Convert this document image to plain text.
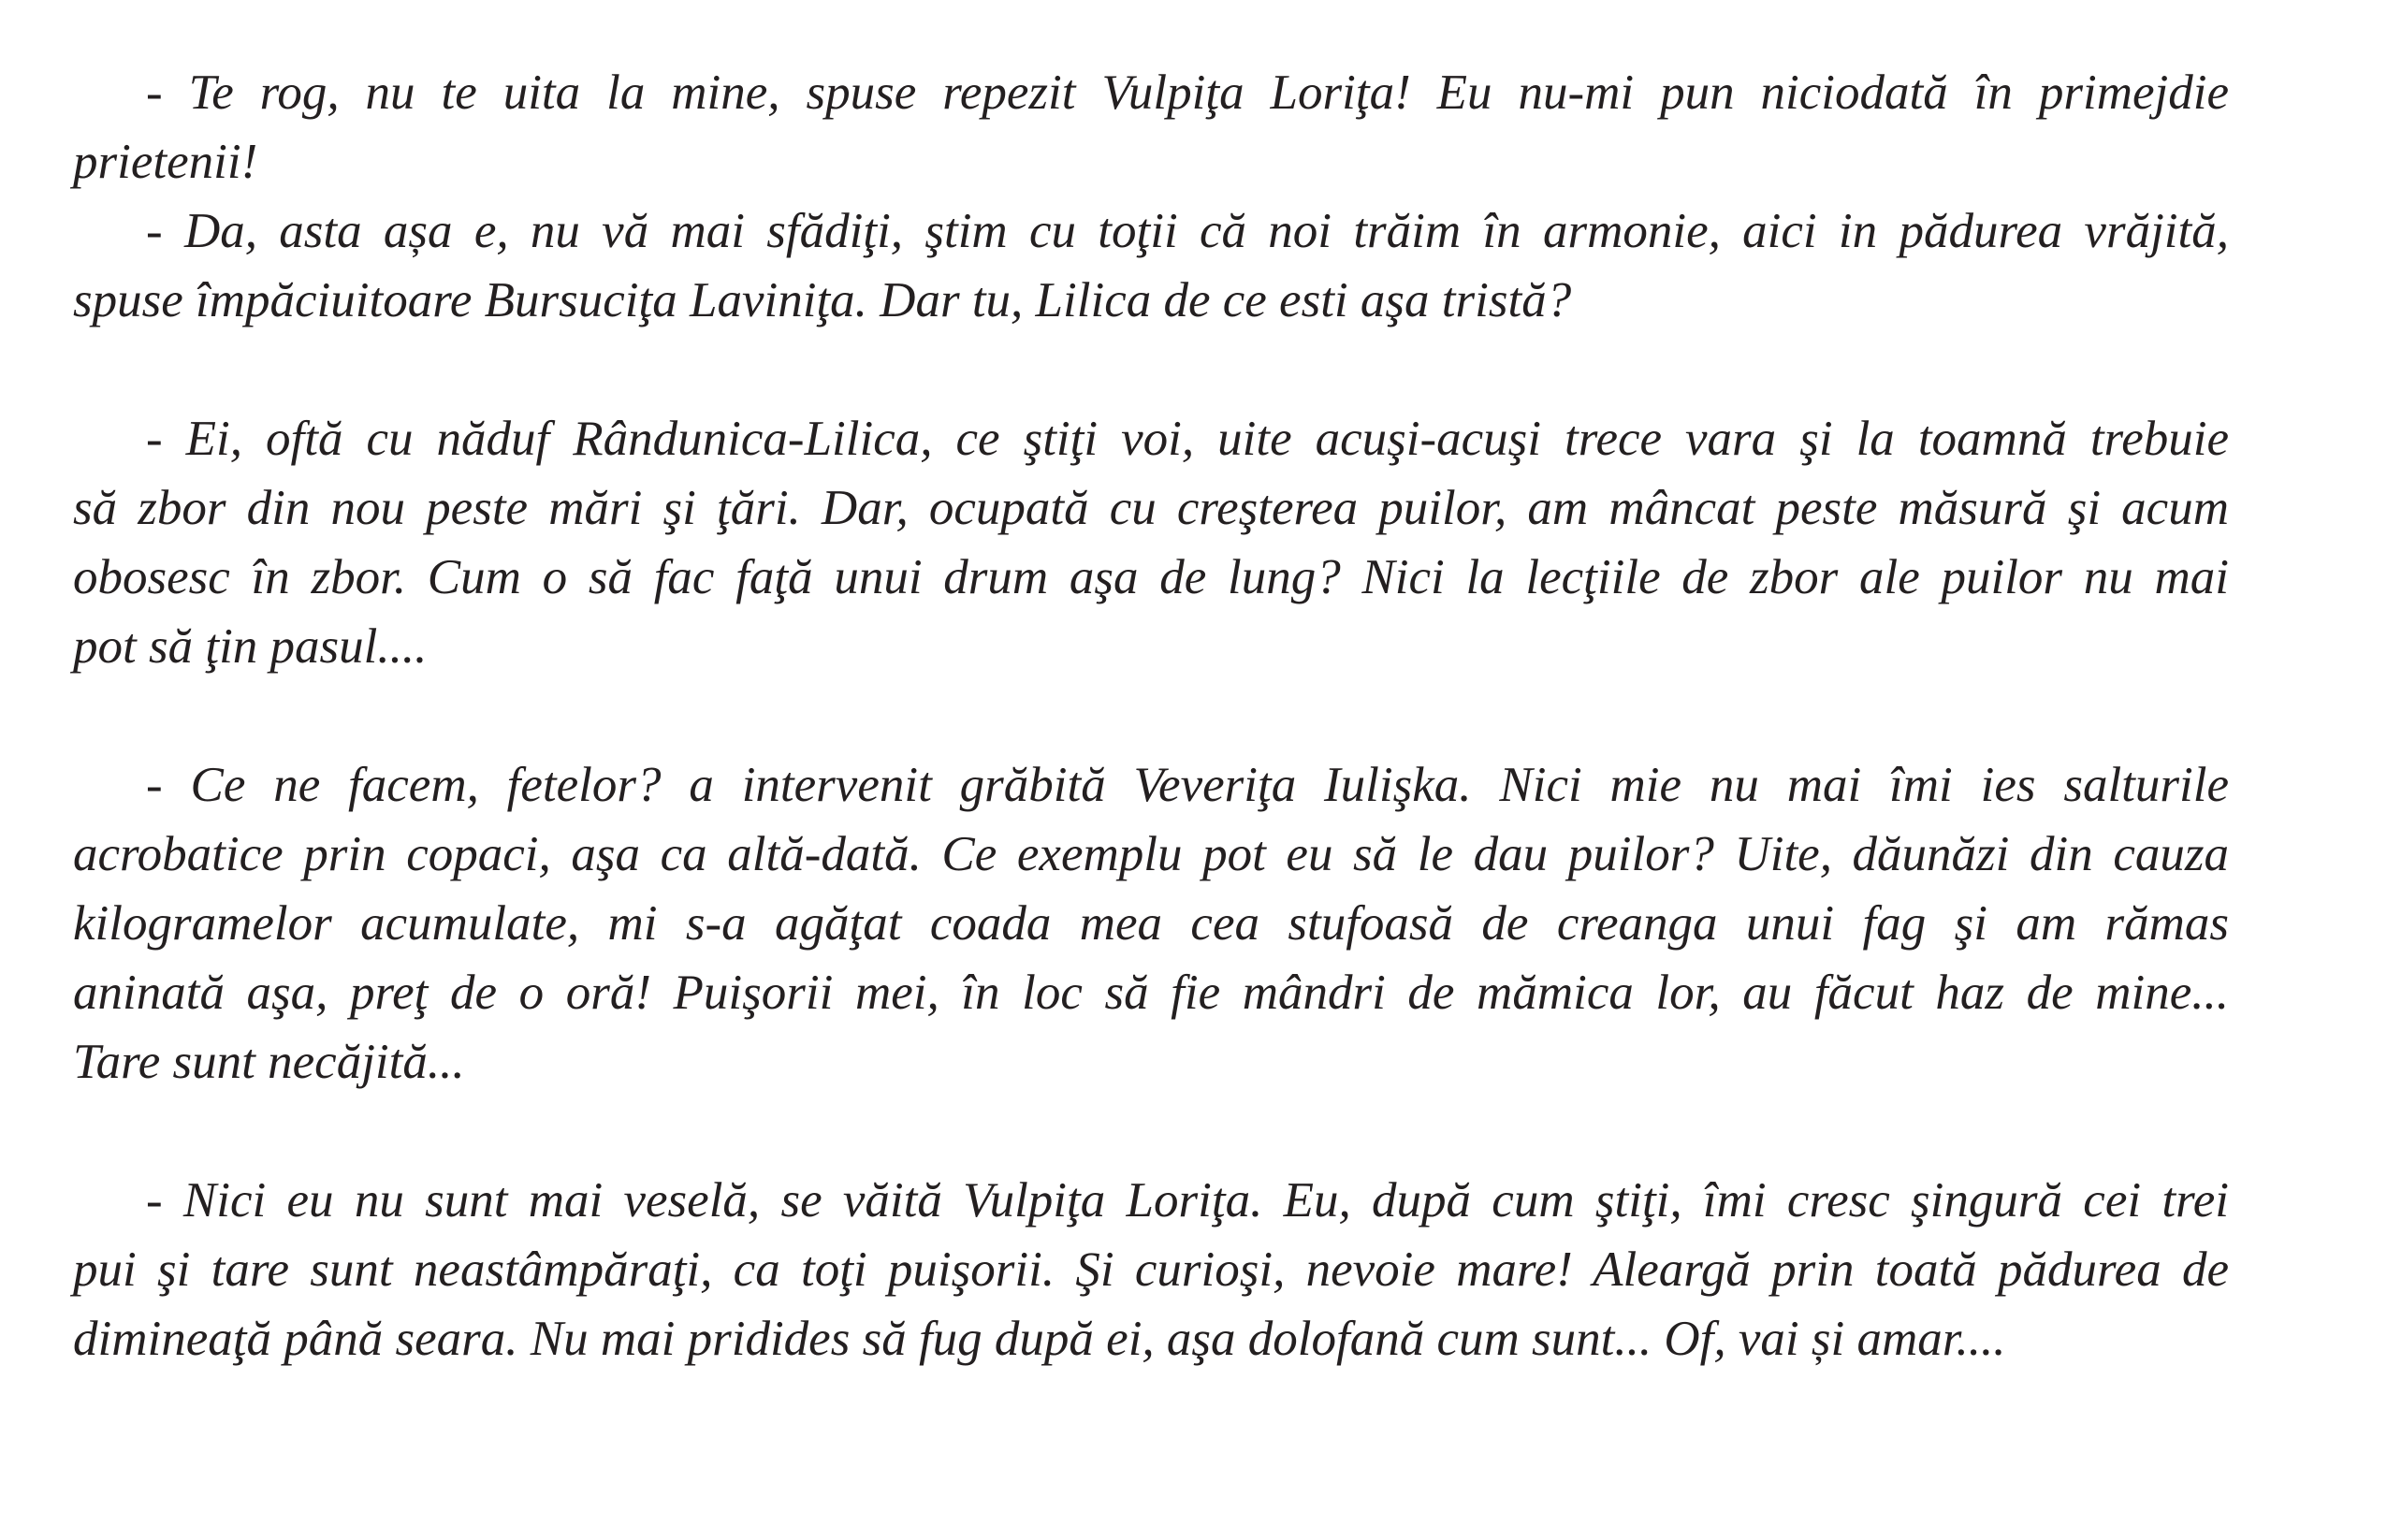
- Te rog, nu te uita la mine, spuse repezit Vulpiţa Loriţa! Eu nu-mi pun niciodată în primejdie
prietenii!

- Da, asta așa e, nu vă mai sfădiţi, ştim cu toţii că noi trăim în armonie, aici in pădurea vrăjită,
spuse împăciuitoare Bursuciţa Laviniţa. Dar tu, Lilica de ce esti aşa tristă?

- Ei, oftă cu năduf Rândunica-Lilica, ce ştiţi voi, uite acuşi-acuşi trece vara şi la toamnă trebuie
să zbor din nou peste mări şi ţări. Dar, ocupată cu creşterea puilor, am mâncat peste măsură şi acum
obosesc în zbor. Cum o să fac faţă unui drum aşa de lung? Nici la lecţiile de zbor ale puilor nu mai
pot să ţin pasul....

- Ce ne facem, fetelor? a intervenit grăbită Veveriţa Iulişka. Nici mie nu mai îmi ies salturile
acrobatice prin copaci, aşa ca altă-dată. Ce exemplu pot eu să le dau puilor? Uite, dăunăzi din cauza
kilogramelor acumulate, mi s-a agăţat coada mea cea stufoasă de creanga unui fag şi am rămas
aninată aşa, preţ de o oră! Puişorii mei, în loc să fie mândri de mămica lor, au făcut haz de mine...
Tare sunt necăjită...

- Nici eu nu sunt mai veselă, se văită Vulpiţa Loriţa. Eu, după cum ştiţi, îmi cresc şingură cei trei
pui şi tare sunt neastâmpăraţi, ca toţi puişorii. Şi curioşi, nevoie mare! Aleargă prin toată pădurea de
dimineaţă până seara. Nu mai pridides să fug după ei, aşa dolofană cum sunt... Of, vai și amar....
